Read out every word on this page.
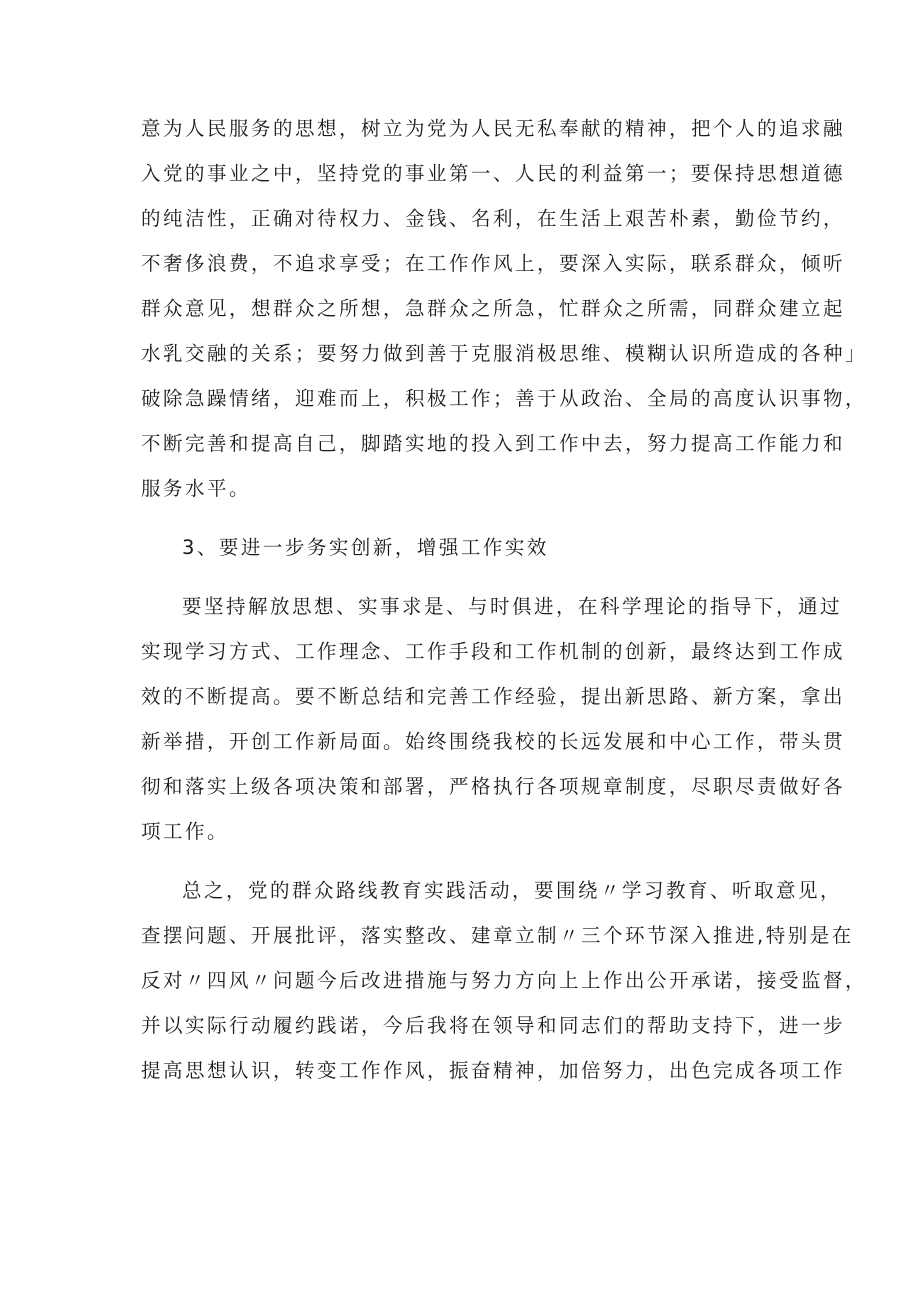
意为人民服务的思想，树立为党为人民无私奉献的精神，把个人的追求融
入党的事业之中，坚持党的事业第一、人民的利益第一；要保持思想道德
的纯洁性，正确对待权力、金钱、名利，在生活上艰苦朴素，勤俭节约，
不奢侈浪费，不追求享受；在工作作风上，要深入实际，联系群众，倾听
群众意见，想群众之所想，急群众之所急，忙群众之所需，同群众建立起
水乳交融的关系；要努力做到善于克服消极思维、模糊认识所造成的各种」
破除急躁情绪，迎难而上，积极工作；善于从政治、全局的高度认识事物，
不断完善和提高自己，脚踏实地的投入到工作中去，努力提高工作能力和
服务水平。
3、要进一步务实创新，增强工作实效
要坚持解放思想、实事求是、与时俱进，在科学理论的指导下，通过
实现学习方式、工作理念、工作手段和工作机制的创新，最终达到工作成
效的不断提高。要不断总结和完善工作经验，提出新思路、新方案，拿出
新举措，开创工作新局面。始终围绕我校的长远发展和中心工作，带头贯
彻和落实上级各项决策和部署，严格执行各项规章制度，尽职尽责做好各
项工作。
总之，党的群众路线教育实践活动，要围绕〃学习教育、听取意见，
查摆问题、开展批评，落实整改、建章立制〃三个环节深入推进,特别是在
反对〃四风〃问题今后改进措施与努力方向上上作出公开承诺，接受监督，
并以实际行动履约践诺，今后我将在领导和同志们的帮助支持下，进一步
提高思想认识，转变工作作风，振奋精神，加倍努力，出色完成各项工作
